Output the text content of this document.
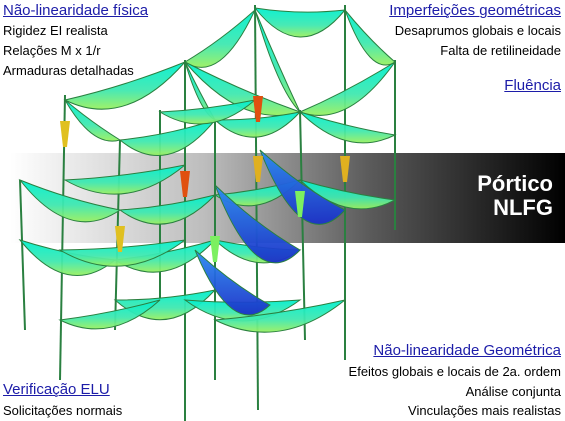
Pórtico
NLFG
Não-linearidade física
Rigidez EI realista
Relações M x 1/r
Armaduras detalhadas
Imperfeições geométricas
Desaprumos globais e locais
Falta de retilineidade
Fluência
Não-linearidade Geométrica
Efeitos globais e locais de 2a. ordem
Análise conjunta
Vinculações mais realistas
Verificação ELU
Solicitações normais
